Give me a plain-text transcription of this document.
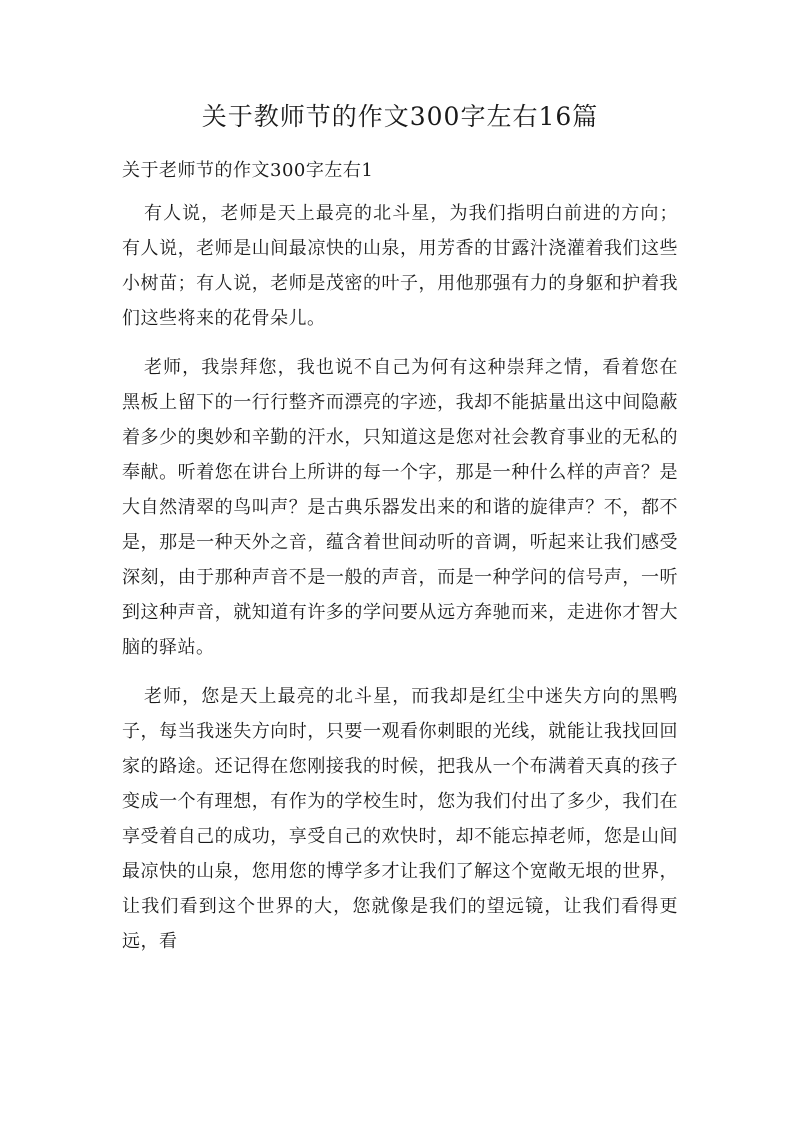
关于教师节的作文300字左右16篇
关于老师节的作文300字左右1

有人说，老师是天上最亮的北斗星，为我们指明白前进的方向；有人说，老师是山间最凉快的山泉，用芳香的甘露汁浇灌着我们这些小树苗；有人说，老师是茂密的叶子，用他那强有力的身躯和护着我们这些将来的花骨朵儿。

老师，我崇拜您，我也说不自己为何有这种崇拜之情，看着您在黑板上留下的一行行整齐而漂亮的字迹，我却不能掂量出这中间隐蔽着多少的奥妙和辛勤的汗水，只知道这是您对社会教育事业的无私的奉献。听着您在讲台上所讲的每一个字，那是一种什么样的声音？是大自然清翠的鸟叫声？是古典乐器发出来的和谐的旋律声？不，都不是，那是一种天外之音，蕴含着世间动听的音调，听起来让我们感受深刻，由于那种声音不是一般的声音，而是一种学问的信号声，一听到这种声音，就知道有许多的学问要从远方奔驰而来，走进你才智大脑的驿站。

老师，您是天上最亮的北斗星，而我却是红尘中迷失方向的黑鸭子，每当我迷失方向时，只要一观看你刺眼的光线，就能让我找回回家的路途。还记得在您刚接我的时候，把我从一个布满着天真的孩子变成一个有理想，有作为的学校生时，您为我们付出了多少，我们在享受着自己的成功，享受自己的欢快时，却不能忘掉老师，您是山间最凉快的山泉，您用您的博学多才让我们了解这个宽敞无垠的世界，让我们看到这个世界的大，您就像是我们的望远镜，让我们看得更远，看
